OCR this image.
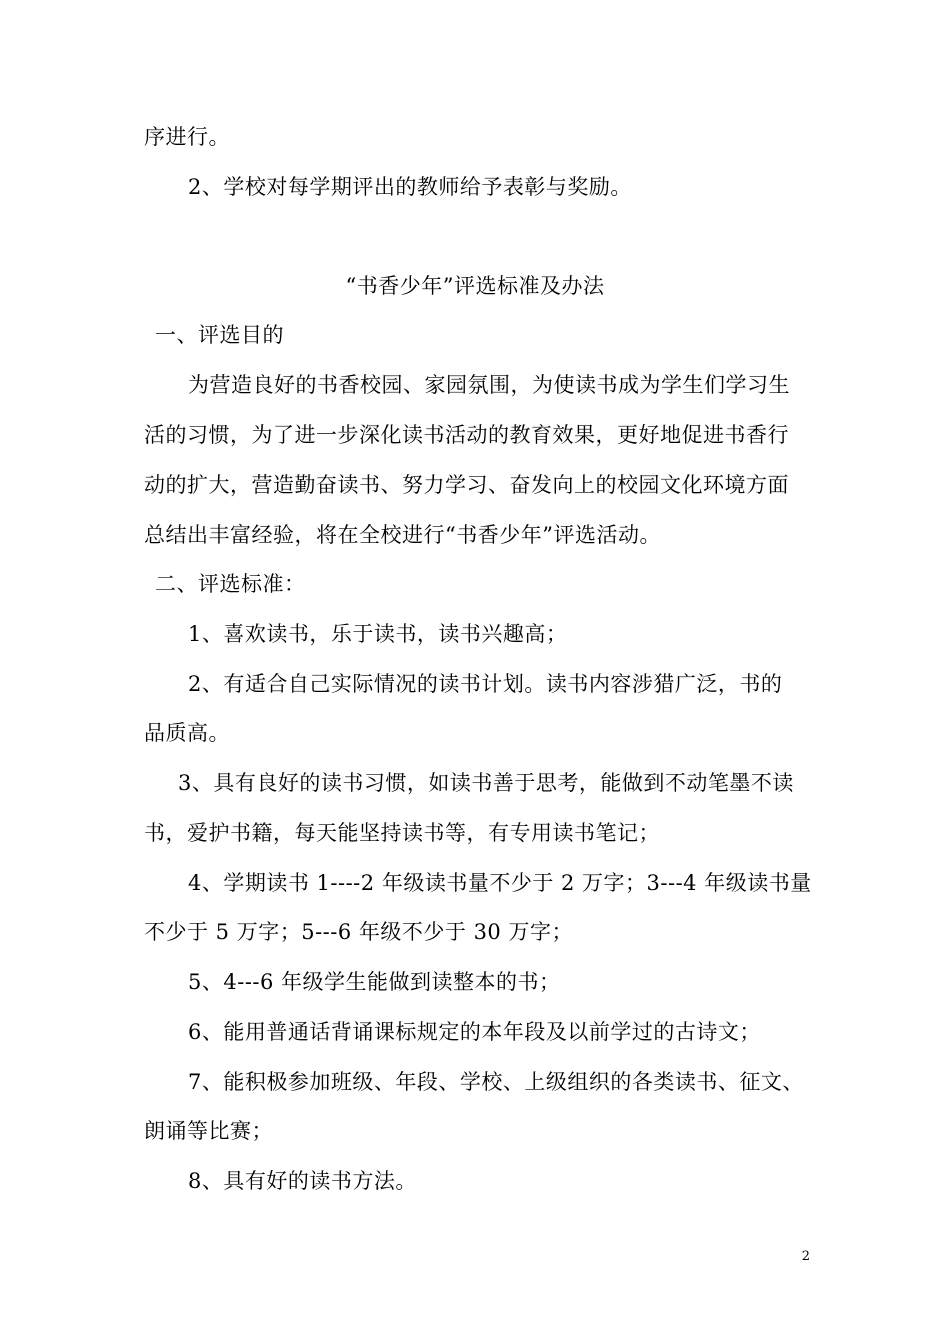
序进行。
2、学校对每学期评出的教师给予表彰与奖励。
“书香少年”评选标准及办法
一、评选目的
为营造良好的书香校园、家园氛围，为使读书成为学生们学习生
活的习惯，为了进一步深化读书活动的教育效果，更好地促进书香行
动的扩大，营造勤奋读书、努力学习、奋发向上的校园文化环境方面
总结出丰富经验，将在全校进行“书香少年”评选活动。
二、评选标准：
1、喜欢读书，乐于读书，读书兴趣高；
2、有适合自己实际情况的读书计划。读书内容涉猎广泛，书的
品质高。
3、具有良好的读书习惯，如读书善于思考，能做到不动笔墨不读
书，爱护书籍，每天能坚持读书等，有专用读书笔记；
4、学期读书 1----2 年级读书量不少于 2 万字；3---4 年级读书量
不少于 5 万字；5---6 年级不少于 30 万字；
5、4---6 年级学生能做到读整本的书；
6、能用普通话背诵课标规定的本年段及以前学过的古诗文；
7、能积极参加班级、年段、学校、上级组织的各类读书、征文、
朗诵等比赛；
8、具有好的读书方法。
2
